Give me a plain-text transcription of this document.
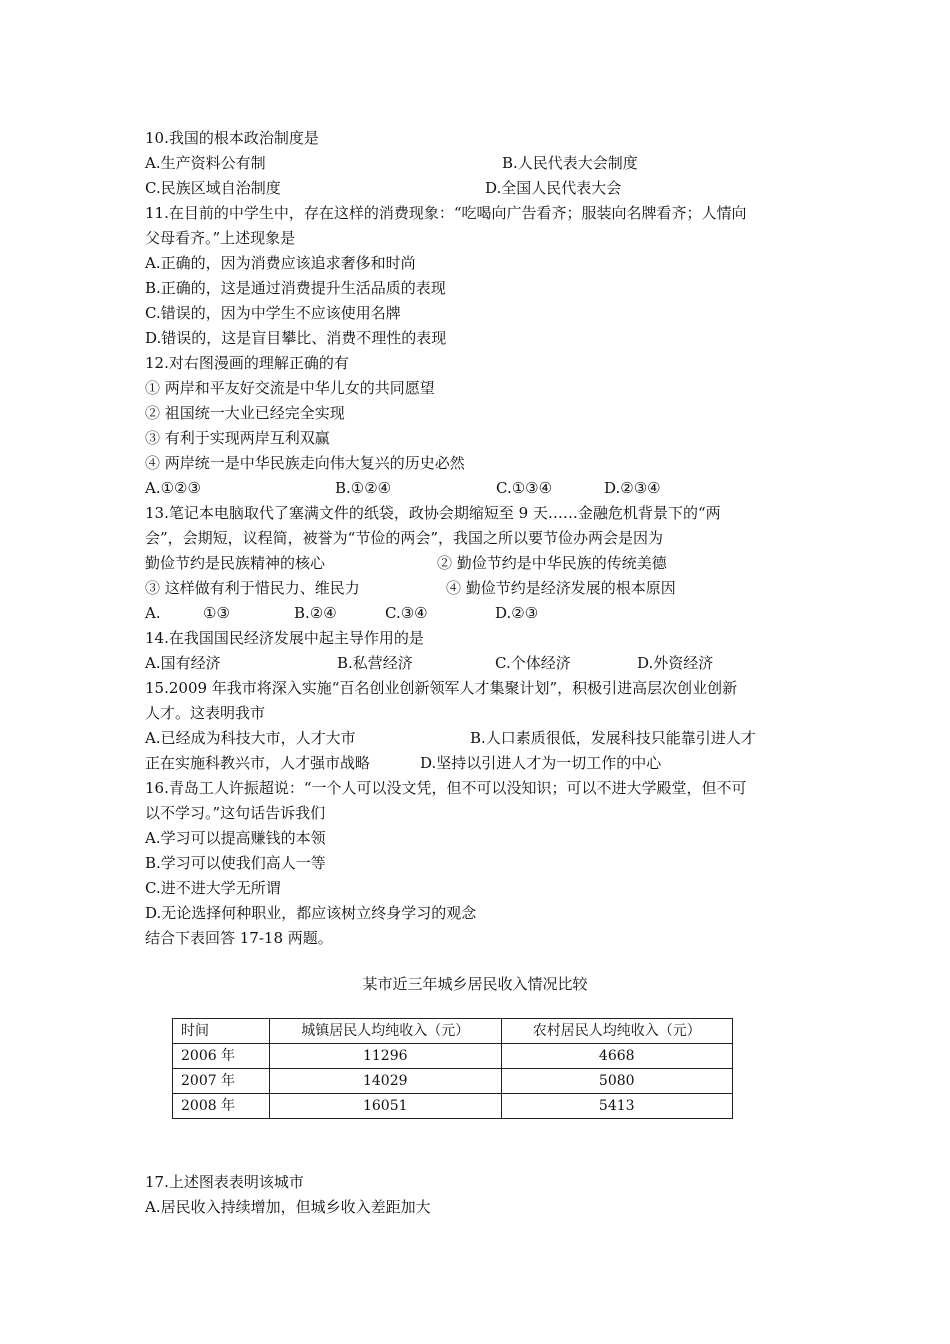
10.我国的根本政治制度是
A.生产资料公有制	B.人民代表大会制度
C.民族区域自治制度	D.全国人民代表大会
11.在目前的中学生中，存在这样的消费现象：“吃喝向广告看齐；服装向名牌看齐；人情向
父母看齐。”上述现象是
A.正确的，因为消费应该追求奢侈和时尚
B.正确的，这是通过消费提升生活品质的表现
C.错误的，因为中学生不应该使用名牌
D.错误的，这是盲目攀比、消费不理性的表现
12.对右图漫画的理解正确的有
① 两岸和平友好交流是中华儿女的共同愿望
② 祖国统一大业已经完全实现
③ 有利于实现两岸互利双赢
④ 两岸统一是中华民族走向伟大复兴的历史必然
A.①②③	B.①②④	C.①③④	D.②③④
13.笔记本电脑取代了塞满文件的纸袋，政协会期缩短至 9 天……金融危机背景下的“两
会”，会期短，议程简，被誉为“节俭的两会”，我国之所以要节俭办两会是因为
勤俭节约是民族精神的核心	② 勤俭节约是中华民族的传统美德
③ 这样做有利于惜民力、维民力	④ 勤俭节约是经济发展的根本原因
A.	①③	B.②④	C.③④	D.②③
14.在我国国民经济发展中起主导作用的是
A.国有经济	B.私营经济	C.个体经济	D.外资经济
15.2009 年我市将深入实施“百名创业创新领军人才集聚计划”，积极引进高层次创业创新
人才。这表明我市
A.已经成为科技大市，人才大市	B.人口素质很低，发展科技只能靠引进人才
正在实施科教兴市，人才强市战略	D.坚持以引进人才为一切工作的中心
16.青岛工人许振超说：“一个人可以没文凭，但不可以没知识；可以不进大学殿堂，但不可
以不学习。”这句话告诉我们
A.学习可以提高赚钱的本领
B.学习可以使我们高人一等
C.进不进大学无所谓
D.无论选择何种职业，都应该树立终身学习的观念
结合下表回答 17-18 两题。
某市近三年城乡居民收入情况比较
时间	城镇居民人均纯收入（元）	农村居民人均纯收入（元）
2006 年	11296	4668
2007 年	14029	5080
2008 年	16051	5413
17.上述图表表明该城市
A.居民收入持续增加，但城乡收入差距加大
